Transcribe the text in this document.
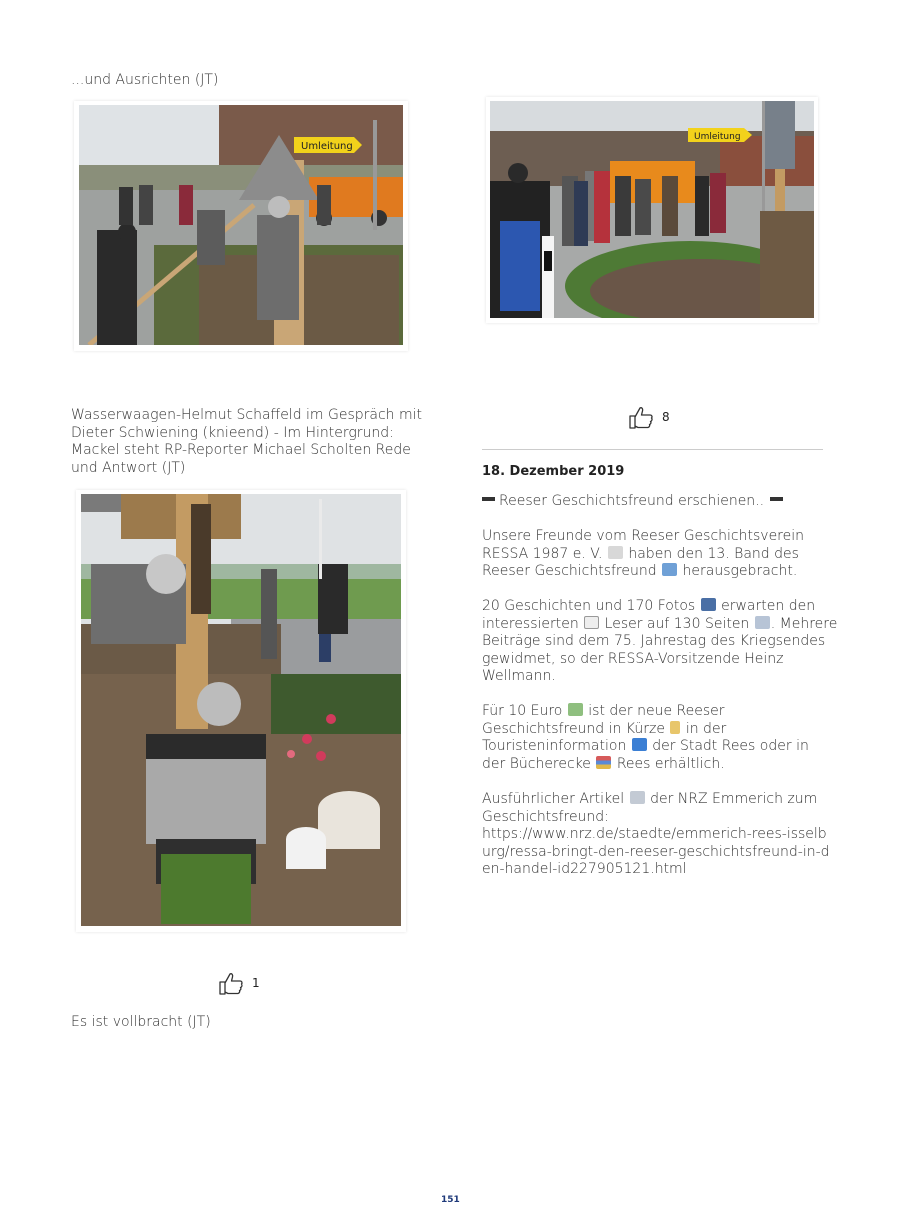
...und Ausrichten (JT)
Umleitung
Wasserwaagen-Helmut Schaffeld im Gespräch mit
Dieter Schwiening (knieend) - Im Hintergrund:
Mackel steht RP-Reporter Michael Scholten Rede
und Antwort (JT)
1
Es ist vollbracht (JT)
Umleitung
8
18. Dezember 2019
Reeser Geschichtsfreund erschienen..
Unsere Freunde vom Reeser Geschichtsverein
RESSA 1987 e. V. haben den 13. Band des
Reeser Geschichtsfreund herausgebracht.
20 Geschichten und 170 Fotos erwarten den
interessierten Leser auf 130 Seiten . Mehrere
Beiträge sind dem 75. Jahrestag des Kriegsendes
gewidmet, so der RESSA-Vorsitzende Heinz
Wellmann.
Für 10 Euro ist der neue Reeser
Geschichtsfreund in Kürze in der
Touristeninformation der Stadt Rees oder in
der Bücherecke Rees erhältlich.
Ausführlicher Artikel der NRZ Emmerich zum
Geschichtsfreund:
https://www.nrz.de/staedte/emmerich-rees-isselb
urg/ressa-bringt-den-reeser-geschichtsfreund-in-d
en-handel-id227905121.html
151
